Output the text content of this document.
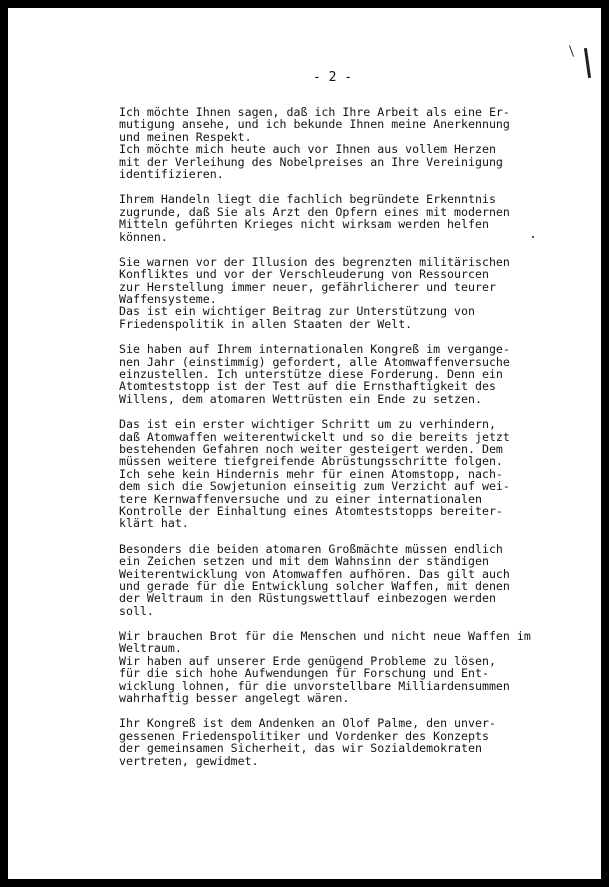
- 2 -
Ich möchte Ihnen sagen, daß ich Ihre Arbeit als eine Er-
mutigung ansehe, und ich bekunde Ihnen meine Anerkennung
und meinen Respekt.
Ich möchte mich heute auch vor Ihnen aus vollem Herzen
mit der Verleihung des Nobelpreises an Ihre Vereinigung
identifizieren.
Ihrem Handeln liegt die fachlich begründete Erkenntnis
zugrunde, daß Sie als Arzt den Opfern eines mit modernen
Mitteln geführten Krieges nicht wirksam werden helfen
können.
Sie warnen vor der Illusion des begrenzten militärischen
Konfliktes und vor der Verschleuderung von Ressourcen
zur Herstellung immer neuer, gefährlicherer und teurer
Waffensysteme.
Das ist ein wichtiger Beitrag zur Unterstützung von
Friedenspolitik in allen Staaten der Welt.
Sie haben auf Ihrem internationalen Kongreß im vergange-
nen Jahr (einstimmig) gefordert, alle Atomwaffenversuche
einzustellen. Ich unterstütze diese Forderung. Denn ein
Atomteststopp ist der Test auf die Ernsthaftigkeit des
Willens, dem atomaren Wettrüsten ein Ende zu setzen.
Das ist ein erster wichtiger Schritt um zu verhindern,
daß Atomwaffen weiterentwickelt und so die bereits jetzt
bestehenden Gefahren noch weiter gesteigert werden. Dem
müssen weitere tiefgreifende Abrüstungsschritte folgen.
Ich sehe kein Hindernis mehr für einen Atomstopp, nach-
dem sich die Sowjetunion einseitig zum Verzicht auf wei-
tere Kernwaffenversuche und zu einer internationalen
Kontrolle der Einhaltung eines Atomteststopps bereiter-
klärt hat.
Besonders die beiden atomaren Großmächte müssen endlich
ein Zeichen setzen und mit dem Wahnsinn der ständigen
Weiterentwicklung von Atomwaffen aufhören. Das gilt auch
und gerade für die Entwicklung solcher Waffen, mit denen
der Weltraum in den Rüstungswettlauf einbezogen werden
soll.
Wir brauchen Brot für die Menschen und nicht neue Waffen im
Weltraum.
Wir haben auf unserer Erde genügend Probleme zu lösen,
für die sich hohe Aufwendungen für Forschung und Ent-
wicklung lohnen, für die unvorstellbare Milliardensummen
wahrhaftig besser angelegt wären.
Ihr Kongreß ist dem Andenken an Olof Palme, den unver-
gessenen Friedenspolitiker und Vordenker des Konzepts
der gemeinsamen Sicherheit, das wir Sozialdemokraten
vertreten, gewidmet.
